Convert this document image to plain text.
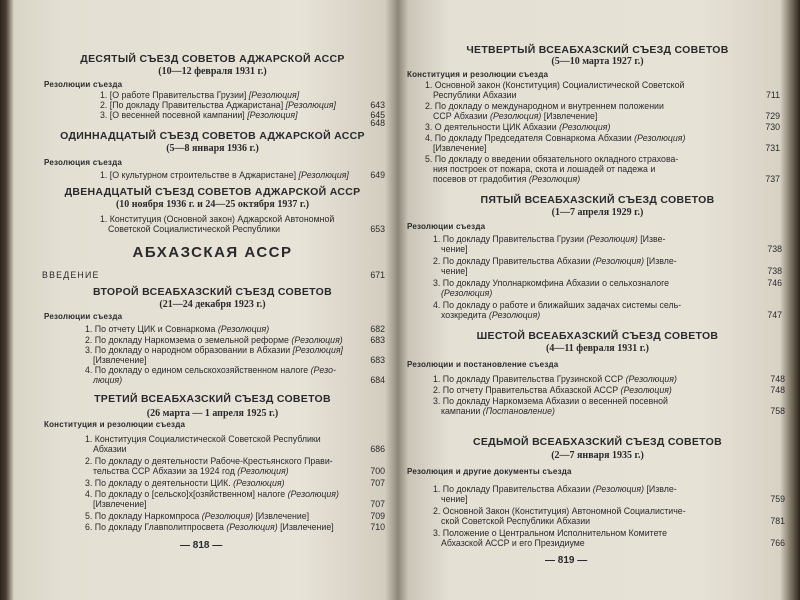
ДЕСЯТЫЙ СЪЕЗД СОВЕТОВ АДЖАРСКОЙ АССР
(10—12 февраля 1931 г.)
Резолюции съезда
1. [О работе Правительства Грузии] [Резолюция]
2. [По докладу Правительства Аджаристана] [Резолюция]	643
3. [О весенней посевной кампании] [Резолюция]	645
648
ОДИННАДЦАТЫЙ СЪЕЗД СОВЕТОВ АДЖАРСКОЙ АССР
(5—8 января 1936 г.)
Резолюция съезда
1. [О культурном строительстве в Аджаристане] [Резолюция] 649
ДВЕНАДЦАТЫЙ СЪЕЗД СОВЕТОВ АДЖАРСКОЙ АССР
(10 ноября 1936 г. и 24—25 октября 1937 г.)
1. Конституция (Основной закон) Аджарской Автономной
Советской Социалистической Республики	653
АБХАЗСКАЯ АССР
ВВЕДЕНИЕ	671
ВТОРОЙ ВСЕАБХАЗСКИЙ СЪЕЗД СОВЕТОВ
(21—24 декабря 1923 г.)
Резолюции съезда
1. По отчету ЦИК и Совнаркома (Резолюция)	682
2. По докладу Наркомзема о земельной реформе (Резолюция)	683
3. По докладу о народном образовании в Абхазии [Резолюция]
[Извлечение]	683
4. По докладу о едином сельскохозяйственном налоге (Резо-
люция)	684
ТРЕТИЙ ВСЕАБХАЗСКИЙ СЪЕЗД СОВЕТОВ
(26 марта — 1 апреля 1925 г.)
Конституция и резолюции съезда
1. Конституция Социалистической Советской Республики
Абхазии	686
2. По докладу о деятельности Рабоче-Крестьянского Прави-
тельства ССР Абхазии за 1924 год (Резолюция)	700
3. По докладу о деятельности ЦИК. (Резолюция)	707
4. По докладу о [сельско]х[озяйственном] налоге (Резолюция)
[Извлечение]	707
5. По докладу Наркомпроса (Резолюция) [Извлечение]	709
6. По докладу Главполитпросвета (Резолюция) [Извлечение]	710
— 818 —
ЧЕТВЕРТЫЙ ВСЕАБХАЗСКИЙ СЪЕЗД СОВЕТОВ
(5—10 марта 1927 г.)
Конституция и резолюции съезда
1. Основной закон (Конституция) Социалистической Советской
Республики Абхазии	711
2. По докладу о международном и внутреннем положении
ССР Абхазии (Резолюция) [Извлечение]	729
3. О деятельности ЦИК Абхазии (Резолюция)	730
4. По докладу Председателя Совнаркома Абхазии (Резолюция)
[Извлечение]	731
5. По докладу о введении обязательного окладного страхова-
ния построек от пожара, скота и лошадей от падежа и
посевов от градобития (Резолюция)	737
ПЯТЫЙ ВСЕАБХАЗСКИЙ СЪЕЗД СОВЕТОВ
(1—7 апреля 1929 г.)
Резолюции съезда
1. По докладу Правительства Грузии (Резолюция) [Изве-
чение]	738
2. По докладу Правительства Абхазии (Резолюция) [Извле-
чение]	738
3. По докладу Уполнаркомфина Абхазии о сельхозналоге	746
(Резолюция)
4. По докладу о работе и ближайших задачах системы сель-
хозкредита (Резолюция)	747
ШЕСТОЙ ВСЕАБХАЗСКИЙ СЪЕЗД СОВЕТОВ
(4—11 февраля 1931 г.)
Резолюции и постановление съезда
1. По докладу Правительства Грузинской ССР (Резолюция)	748
2. По отчету Правительства Абхазской АССР (Резолюция)	748
3. По докладу Наркомзема Абхазии о весенней посевной
кампании (Постановление)	758
СЕДЬМОЙ ВСЕАБХАЗСКИЙ СЪЕЗД СОВЕТОВ
(2—7 января 1935 г.)
Резолюция и другие документы съезда
1. По докладу Правительства Абхазии (Резолюция) [Извле-
чение]	759
2. Основной Закон (Конституция) Автономной Социалистиче-
ской Советской Республики Абхазии	781
3. Положение о Центральном Исполнительном Комитете
Абхазской АССР и его Президиуме	766
— 819 —
